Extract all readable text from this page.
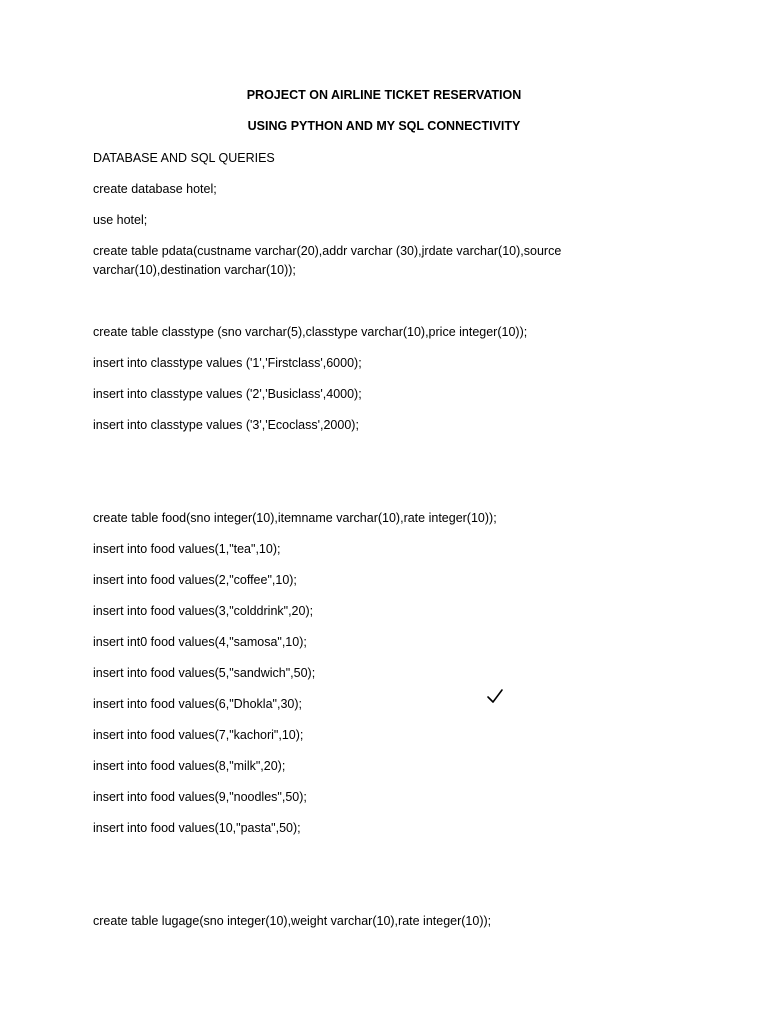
PROJECT ON AIRLINE TICKET RESERVATION
USING PYTHON AND MY SQL CONNECTIVITY
DATABASE AND SQL QUERIES
create database hotel;
use hotel;
create table pdata(custname varchar(20),addr varchar (30),jrdate varchar(10),source
varchar(10),destination varchar(10));
create table classtype (sno varchar(5),classtype varchar(10),price integer(10));
insert into classtype values ('1','Firstclass',6000);
insert into classtype values ('2','Busiclass',4000);
insert into classtype values ('3','Ecoclass',2000);
create table food(sno integer(10),itemname varchar(10),rate integer(10));
insert into food values(1,"tea",10);
insert into food values(2,"coffee",10);
insert into food values(3,"colddrink",20);
insert int0 food values(4,"samosa",10);
insert into food values(5,"sandwich",50);
insert into food values(6,"Dhokla",30);
insert into food values(7,"kachori",10);
insert into food values(8,"milk",20);
insert into food values(9,"noodles",50);
insert into food values(10,"pasta",50);
create table lugage(sno integer(10),weight varchar(10),rate integer(10));
